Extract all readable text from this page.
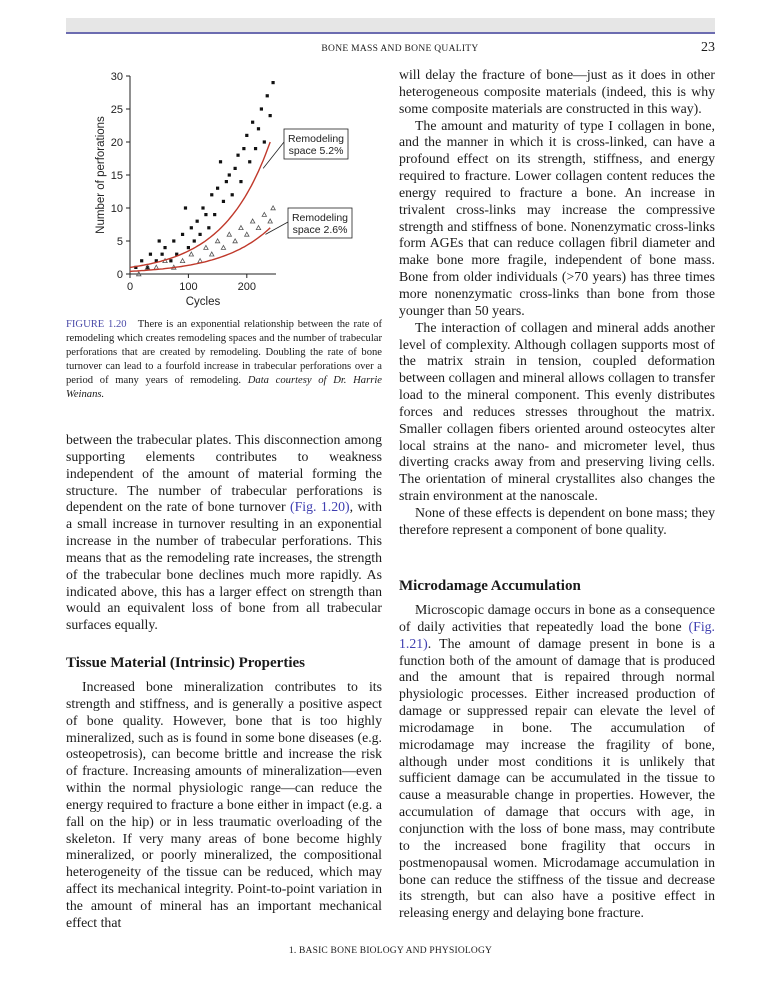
BONE MASS AND BONE QUALITY	23
0
5
10
15
20
25
30
0	100	200
Cycles
Number of perforations	Remodeling
space 5.2%
Remodeling
space 2.6%
FIGURE 1.20 There is an exponential relationship between the rate of remodeling which creates remodeling spaces and the number of trabecular perforations that are created by remodeling. Doubling the rate of bone turnover can lead to a fourfold increase in trabecular perforations over a period of many years of remodeling. Data courtesy of Dr. Harrie Weinans.

between the trabecular plates. This disconnection among supporting elements contributes to weakness independent of the amount of material forming the structure. The number of trabecular perforations is dependent on the rate of bone turnover (Fig. 1.20), with a small increase in turnover resulting in an exponential increase in the number of trabecular perforations. This means that as the remodeling rate increases, the strength of the trabecular bone declines much more rapidly. As indicated above, this has a larger effect on strength than would an equivalent loss of bone from all trabecular surfaces equally.

Tissue Material (Intrinsic) Properties

Increased bone mineralization contributes to its strength and stiffness, and is generally a positive aspect of bone quality. However, bone that is too highly mineralized, such as is found in some bone diseases (e.g. osteopetrosis), can become brittle and increase the risk of fracture. Increasing amounts of mineralization—even within the normal physiologic range—can reduce the energy required to fracture a bone either in impact (e.g. a fall on the hip) or in less traumatic overloading of the skeleton. If very many areas of bone become highly mineralized, or poorly mineralized, the compositional heterogeneity of the tissue can be reduced, which may affect its mechanical integrity. Point-to-point variation in the amount of mineral has an important mechanical effect that

will delay the fracture of bone—just as it does in other heterogeneous composite materials (indeed, this is why some composite materials are constructed in this way).

The amount and maturity of type I collagen in bone, and the manner in which it is cross-linked, can have a profound effect on its strength, stiffness, and energy required to fracture. Lower collagen content reduces the energy required to fracture a bone. An increase in trivalent cross-links may increase the compressive strength and stiffness of bone. Nonenzymatic cross-links form AGEs that can reduce collagen fibril diameter and make bone more fragile, independent of bone mass. Bone from older individuals (>70 years) has three times more nonenzymatic cross-links than bone from those younger than 50 years.

The interaction of collagen and mineral adds another level of complexity. Although collagen supports most of the matrix strain in tension, coupled deformation between collagen and mineral allows collagen to transfer load to the mineral component. This evenly distributes forces and reduces stresses throughout the matrix. Smaller collagen fibers oriented around osteocytes alter local strains at the nano- and micrometer level, thus diverting cracks away from and preserving living cells. The orientation of mineral crystallites also changes the strain environment at the nanoscale.

None of these effects is dependent on bone mass; they therefore represent a component of bone quality.

Microdamage Accumulation

Microscopic damage occurs in bone as a consequence of daily activities that repeatedly load the bone (Fig. 1.21). The amount of damage present in bone is a function both of the amount of damage that is produced and the amount that is repaired through normal physiologic processes. Either increased production of damage or suppressed repair can elevate the level of microdamage in bone. The accumulation of microdamage may increase the fragility of bone, although under most conditions it is unlikely that sufficient damage can be accumulated in the tissue to cause a measurable change in properties. However, the accumulation of damage that occurs with age, in conjunction with the loss of bone mass, may contribute to the increased bone fragility that occurs in postmenopausal women. Microdamage accumulation in bone can reduce the stiffness of the tissue and decrease its strength, but can also have a positive effect in releasing energy and delaying bone fracture.

1. BASIC BONE BIOLOGY AND PHYSIOLOGY
